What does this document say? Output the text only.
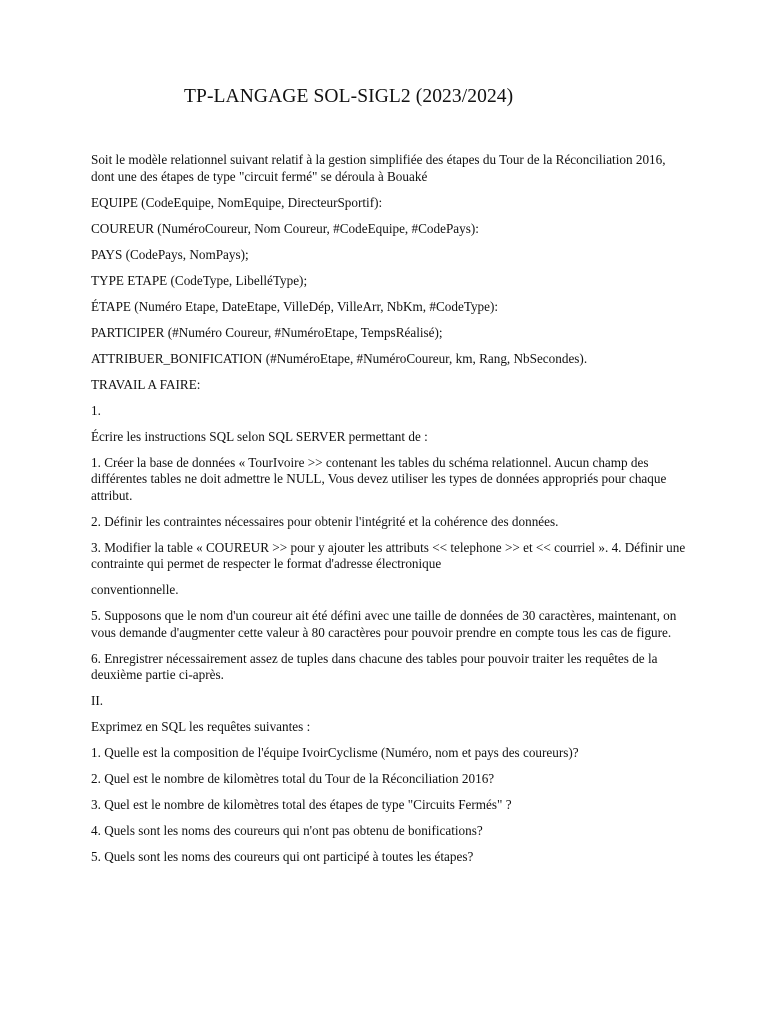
TP-LANGAGE SOL-SIGL2 (2023/2024)

Soit le modèle relationnel suivant relatif à la gestion simplifiée des étapes du Tour de la Réconciliation 2016, dont une des étapes de type "circuit fermé" se déroula à Bouaké

EQUIPE (CodeEquipe, NomEquipe, DirecteurSportif):

COUREUR (NuméroCoureur, Nom Coureur, #CodeEquipe, #CodePays):

PAYS (CodePays, NomPays);

TYPE ETAPE (CodeType, LibelléType);

ÉTAPE (Numéro Etape, DateEtape, VilleDép, VilleArr, NbKm, #CodeType):

PARTICIPER (#Numéro Coureur, #NuméroEtape, TempsRéalisé);

ATTRIBUER_BONIFICATION (#NuméroEtape, #NuméroCoureur, km, Rang, NbSecondes).

TRAVAIL A FAIRE:

1.

Écrire les instructions SQL selon SQL SERVER permettant de :

1. Créer la base de données « TourIvoire >> contenant les tables du schéma relationnel. Aucun champ des différentes tables ne doit admettre le NULL, Vous devez utiliser les types de données appropriés pour chaque attribut.

2. Définir les contraintes nécessaires pour obtenir l'intégrité et la cohérence des données.

3. Modifier la table « COUREUR >> pour y ajouter les attributs << telephone >> et << courriel ». 4. Définir une contrainte qui permet de respecter le format d'adresse électronique

conventionnelle.

5. Supposons que le nom d'un coureur ait été défini avec une taille de données de 30 caractères, maintenant, on vous demande d'augmenter cette valeur à 80 caractères pour pouvoir prendre en compte tous les cas de figure.

6. Enregistrer nécessairement assez de tuples dans chacune des tables pour pouvoir traiter les requêtes de la deuxième partie ci-après.

II.

Exprimez en SQL les requêtes suivantes :

1. Quelle est la composition de l'équipe IvoirCyclisme (Numéro, nom et pays des coureurs)?

2. Quel est le nombre de kilomètres total du Tour de la Réconciliation 2016?

3. Quel est le nombre de kilomètres total des étapes de type "Circuits Fermés" ?

4. Quels sont les noms des coureurs qui n'ont pas obtenu de bonifications?

5. Quels sont les noms des coureurs qui ont participé à toutes les étapes?
